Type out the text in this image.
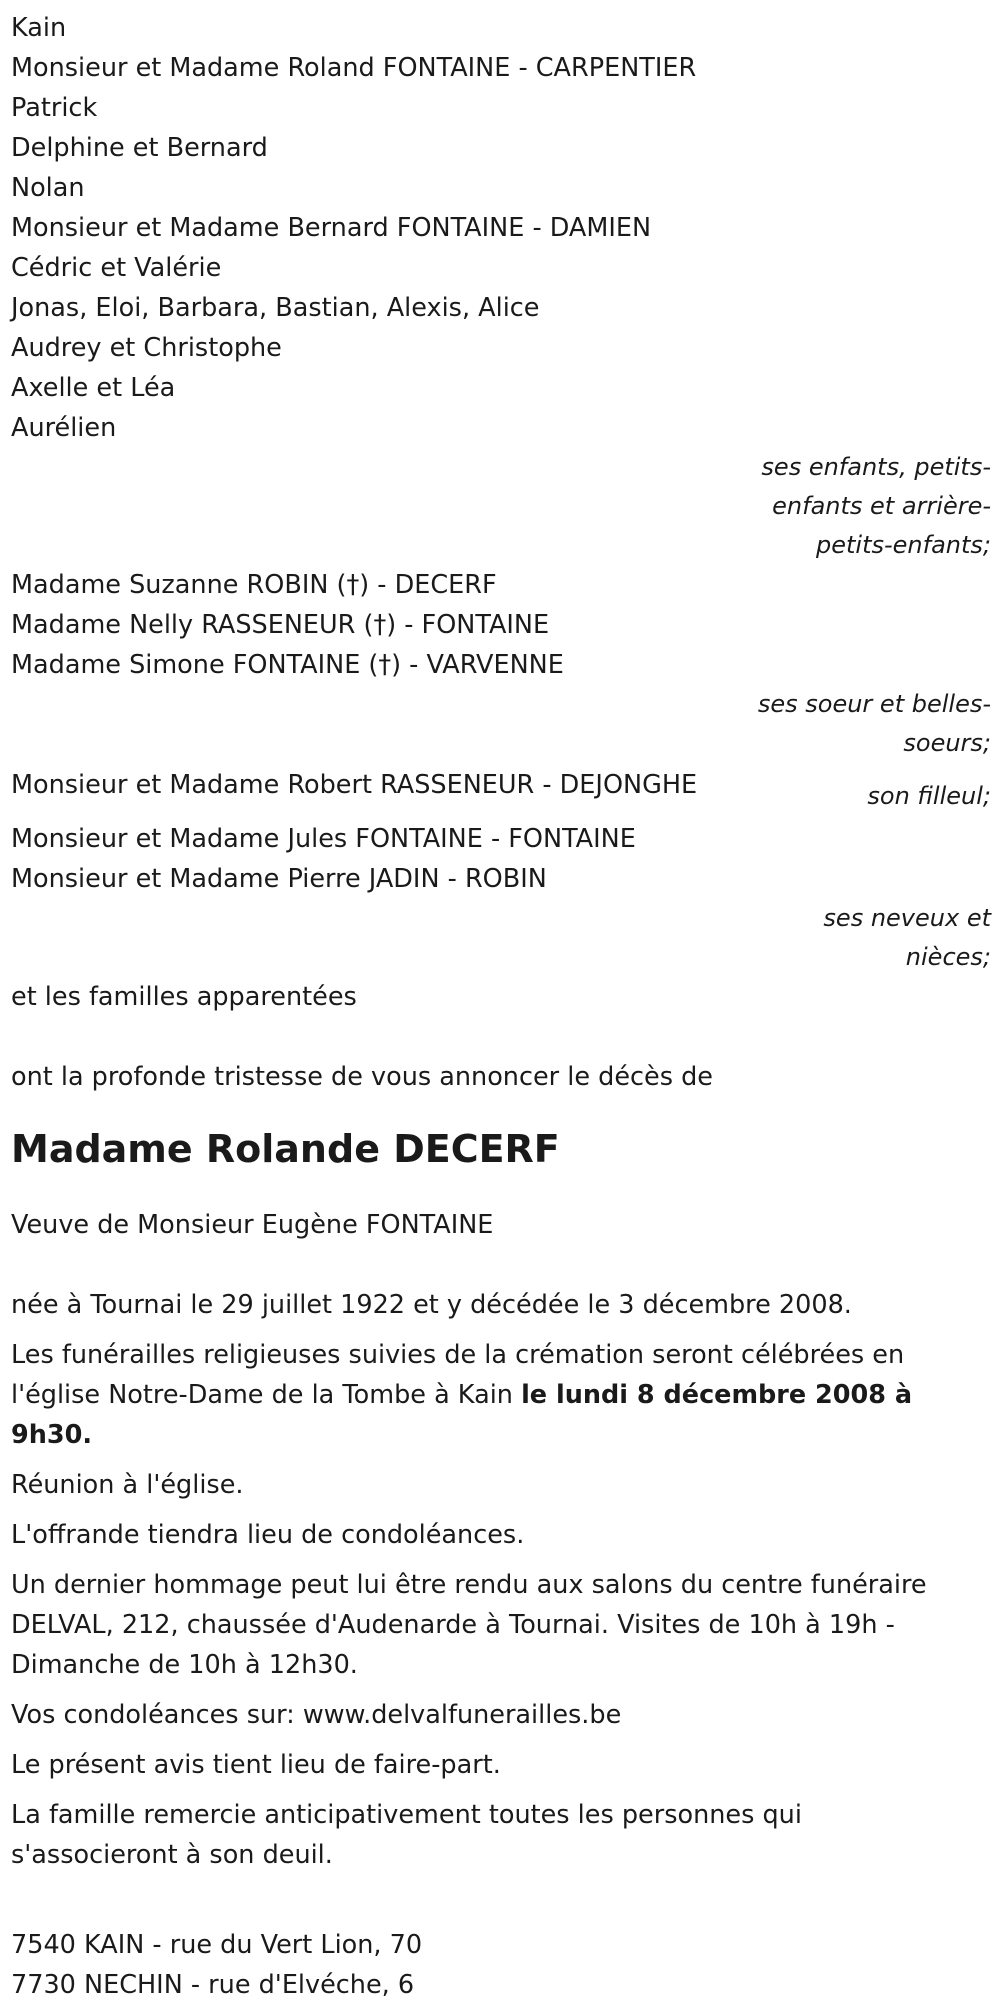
Kain
Monsieur et Madame Roland FONTAINE - CARPENTIER
Patrick
Delphine et Bernard
Nolan
Monsieur et Madame Bernard FONTAINE - DAMIEN
Cédric et Valérie
Jonas, Eloi, Barbara, Bastian, Alexis, Alice
Audrey et Christophe
Axelle et Léa
Aurélien
ses enfants, petits-enfants et arrière-petits-enfants;
Madame Suzanne ROBIN (†) - DECERF
Madame Nelly RASSENEUR (†) - FONTAINE
Madame Simone FONTAINE (†) - VARVENNE
ses soeur et belles-soeurs;
Monsieur et Madame Robert RASSENEUR - DEJONGHE	son filleul;
Monsieur et Madame Jules FONTAINE - FONTAINE
Monsieur et Madame Pierre JADIN - ROBIN
ses neveux et nièces;
et les familles apparentées
ont la profonde tristesse de vous annoncer le décès de
Madame Rolande DECERF
Veuve de Monsieur Eugène FONTAINE
née à Tournai le 29 juillet 1922 et y décédée le 3 décembre 2008.
Les funérailles religieuses suivies de la crémation seront célébrées en l'église Notre-Dame de la Tombe à Kain le lundi 8 décembre 2008 à 9h30.
Réunion à l'église.
L'offrande tiendra lieu de condoléances.
Un dernier hommage peut lui être rendu aux salons du centre funéraire DELVAL, 212, chaussée d'Audenarde à Tournai. Visites de 10h à 19h - Dimanche de 10h à 12h30.
Vos condoléances sur: www.delvalfunerailles.be
Le présent avis tient lieu de faire-part.
La famille remercie anticipativement toutes les personnes qui s'associeront à son deuil.
7540 KAIN - rue du Vert Lion, 70
7730 NECHIN - rue d'Elvéche, 6
